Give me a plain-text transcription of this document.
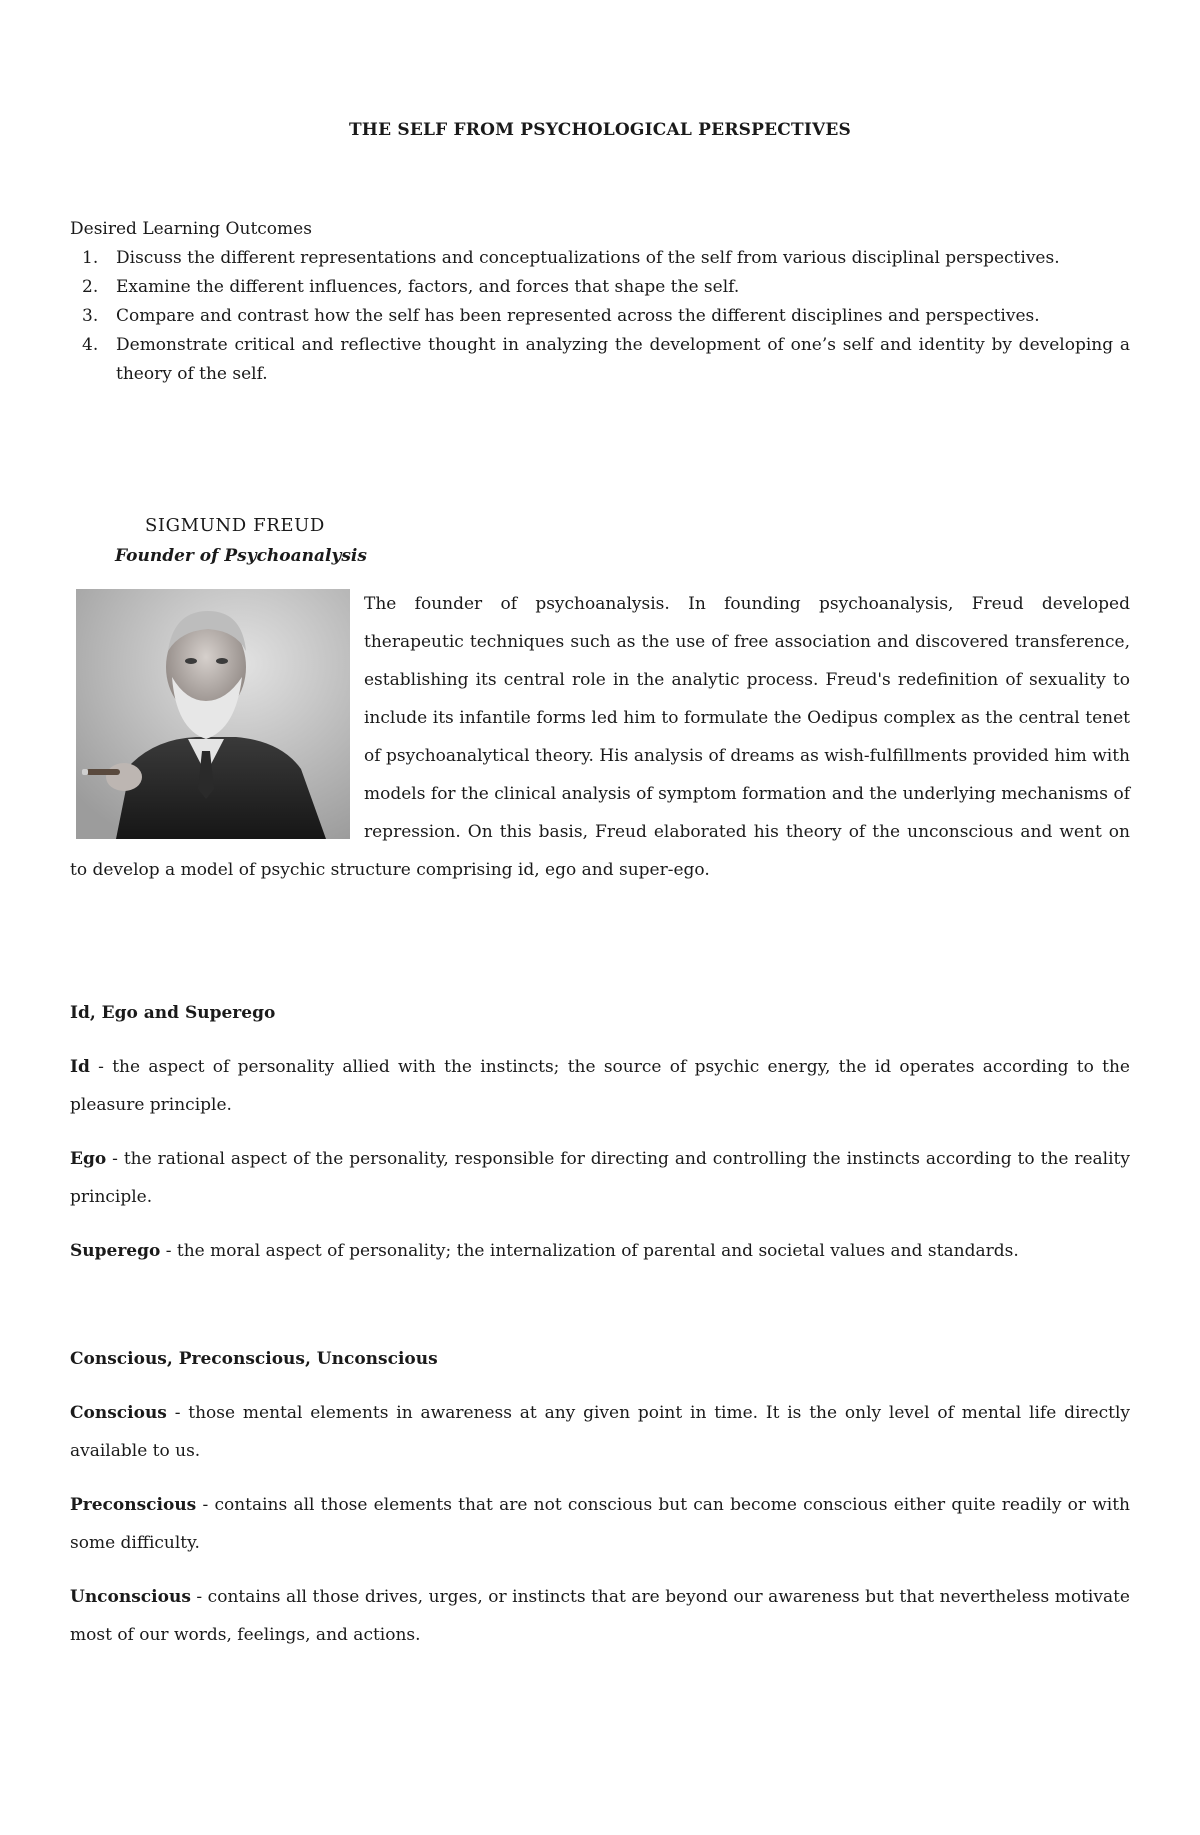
THE SELF FROM PSYCHOLOGICAL PERSPECTIVES

Desired Learning Outcomes

1. Discuss the different representations and conceptualizations of the self from various disciplinal perspectives.
2. Examine the different influences, factors, and forces that shape the self.
3. Compare and contrast how the self has been represented across the different disciplines and perspectives.
4. Demonstrate critical and reflective thought in analyzing the development of one’s self and identity by developing a theory of the self.

SIGMUND FREUD

Founder of Psychoanalysis

The founder of psychoanalysis. In founding psychoanalysis, Freud developed therapeutic techniques such as the use of free association and discovered transference, establishing its central role in the analytic process. Freud's redefinition of sexuality to include its infantile forms led him to formulate the Oedipus complex as the central tenet of psychoanalytical theory. His analysis of dreams as wish-fulfillments provided him with models for the clinical analysis of symptom formation and the underlying mechanisms of repression. On this basis, Freud elaborated his theory of the unconscious and went on to develop a model of psychic structure comprising id, ego and super-ego.
Id, Ego and Superego

Id - the aspect of personality allied with the instincts; the source of psychic energy, the id operates according to the pleasure principle.

Ego - the rational aspect of the personality, responsible for directing and controlling the instincts according to the reality principle.

Superego - the moral aspect of personality; the internalization of parental and societal values and standards.

Conscious, Preconscious, Unconscious

Conscious - those mental elements in awareness at any given point in time. It is the only level of mental life directly available to us.

Preconscious - contains all those elements that are not conscious but can become conscious either quite readily or with some difficulty.

Unconscious - contains all those drives, urges, or instincts that are beyond our awareness but that nevertheless motivate most of our words, feelings, and actions.
